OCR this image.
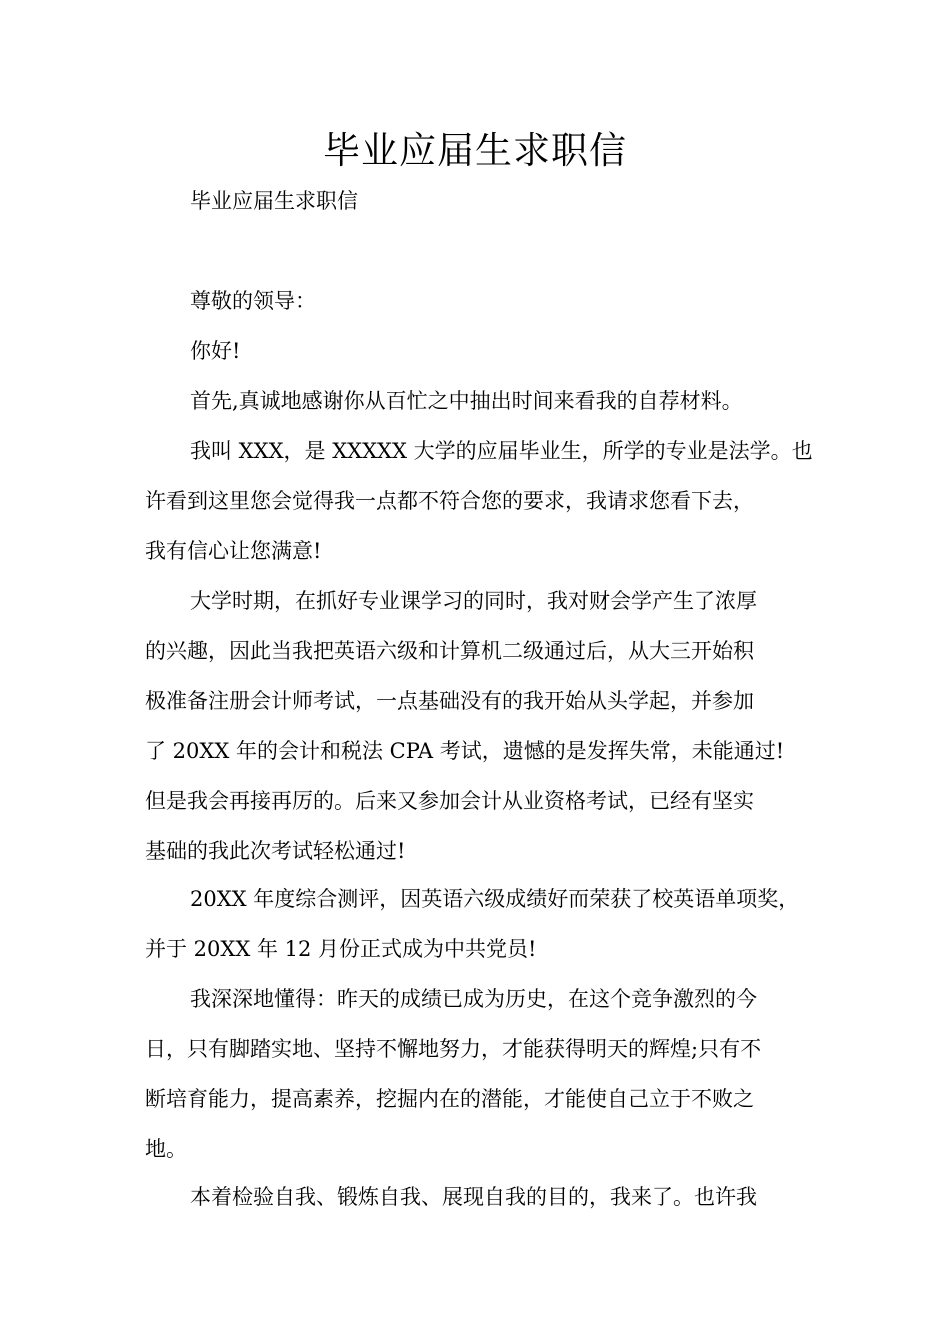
毕业应届生求职信
毕业应届生求职信
尊敬的领导：
你好!
首先,真诚地感谢你从百忙之中抽出时间来看我的自荐材料。
我叫 XXX，是 XXXXX 大学的应届毕业生，所学的专业是法学。也
许看到这里您会觉得我一点都不符合您的要求，我请求您看下去，
我有信心让您满意!
大学时期，在抓好专业课学习的同时，我对财会学产生了浓厚
的兴趣，因此当我把英语六级和计算机二级通过后，从大三开始积
极准备注册会计师考试，一点基础没有的我开始从头学起，并参加
了 20XX 年的会计和税法 CPA 考试，遗憾的是发挥失常，未能通过!
但是我会再接再厉的。后来又参加会计从业资格考试，已经有坚实
基础的我此次考试轻松通过!
20XX 年度综合测评，因英语六级成绩好而荣获了校英语单项奖，
并于 20XX 年 12 月份正式成为中共党员!
我深深地懂得：昨天的成绩已成为历史，在这个竞争激烈的今
日，只有脚踏实地、坚持不懈地努力，才能获得明天的辉煌;只有不
断培育能力，提高素养，挖掘内在的潜能，才能使自己立于不败之
地。
本着检验自我、锻炼自我、展现自我的目的，我来了。也许我
